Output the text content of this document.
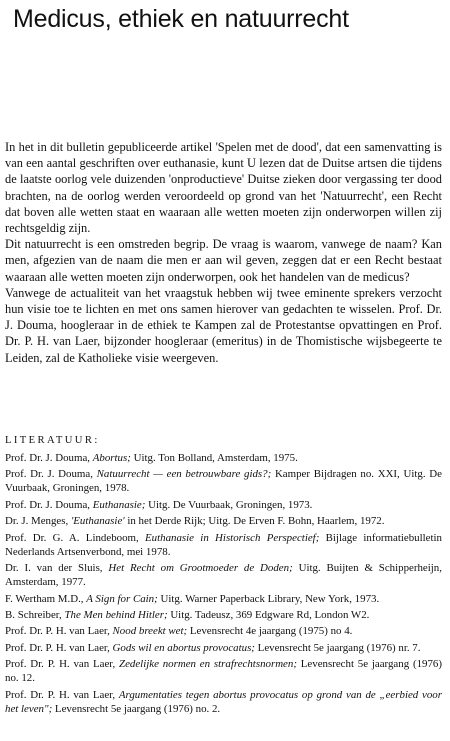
Medicus, ethiek en natuurrecht

In het in dit bulletin gepubliceerde artikel 'Spelen met de dood', dat een samenvatting is van een aantal geschriften over euthanasie, kunt U lezen dat de Duitse artsen die tijdens de laatste oorlog vele duizenden 'onproductieve' Duitse zieken door vergassing ter dood brachten, na de oorlog werden veroordeeld op grond van het 'Natuurrecht', een Recht dat boven alle wetten staat en waaraan alle wetten moeten zijn onderworpen willen zij rechtsgeldig zijn.

Dit natuurrecht is een omstreden begrip. De vraag is waarom, vanwege de naam? Kan men, afgezien van de naam die men er aan wil geven, zeggen dat er een Recht bestaat waaraan alle wetten moeten zijn onderworpen, ook het handelen van de medicus?

Vanwege de actualiteit van het vraagstuk hebben wij twee eminente sprekers verzocht hun visie toe te lichten en met ons samen hierover van gedachten te wisselen. Prof. Dr. J. Douma, hoogleraar in de ethiek te Kampen zal de Protestantse opvattingen en Prof. Dr. P. H. van Laer, bijzonder hoogleraar (emeritus) in de Thomistische wijsbegeerte te Leiden, zal de Katholieke visie weergeven.

LITERATUUR:
Prof. Dr. J. Douma, Abortus; Uitg. Ton Bolland, Amsterdam, 1975.
Prof. Dr. J. Douma, Natuurrecht — een betrouwbare gids?; Kamper Bijdragen no. XXI, Uitg. De Vuurbaak, Groningen, 1978.
Prof. Dr. J. Douma, Euthanasie; Uitg. De Vuurbaak, Groningen, 1973.
Dr. J. Menges, 'Euthanasie' in het Derde Rijk; Uitg. De Erven F. Bohn, Haarlem, 1972.
Prof. Dr. G. A. Lindeboom, Euthanasie in Historisch Perspectief; Bijlage informatiebulletin Nederlands Artsenverbond, mei 1978.
Dr. I. van der Sluis, Het Recht om Grootmoeder de Doden; Uitg. Buijten & Schipperheijn, Amsterdam, 1977.
F. Wertham M.D., A Sign for Cain; Uitg. Warner Paperback Library, New York, 1973.
B. Schreiber, The Men behind Hitler; Uitg. Tadeusz, 369 Edgware Rd, London W2.
Prof. Dr. P. H. van Laer, Nood breekt wet; Levensrecht 4e jaargang (1975) no 4.
Prof. Dr. P. H. van Laer, Gods wil en abortus provocatus; Levensrecht 5e jaargang (1976) nr. 7.
Prof. Dr. P. H. van Laer, Zedelijke normen en strafrechtsnormen; Levensrecht 5e jaargang (1976) no. 12.
Prof. Dr. P. H. van Laer, Argumentaties tegen abortus provocatus op grond van de „eerbied voor het leven"; Levensrecht 5e jaargang (1976) no. 2.
